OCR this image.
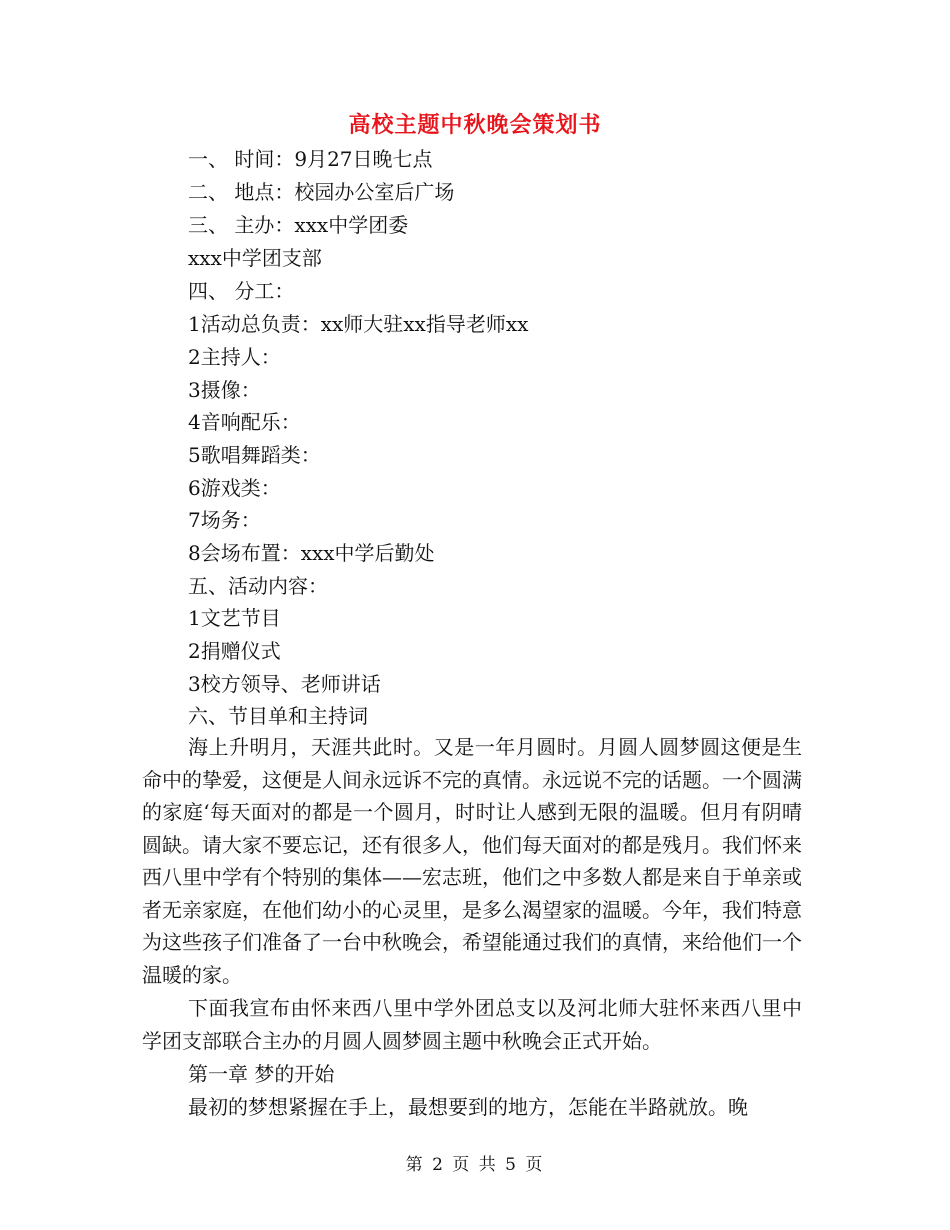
高校主题中秋晚会策划书
一、 时间：9月27日晚七点
二、 地点：校园办公室后广场
三、 主办：xxx中学团委
xxx中学团支部
四、 分工：
1活动总负责：xx师大驻xx指导老师xx
2主持人：
3摄像：
4音响配乐：
5歌唱舞蹈类：
6游戏类：
7场务：
8会场布置：xxx中学后勤处
五、活动内容：
1文艺节目
2捐赠仪式
3校方领导、老师讲话
六、节目单和主持词
海上升明月，天涯共此时。又是一年月圆时。月圆人圆梦圆这便是生命中的挚爱，这便是人间永远诉不完的真情。永远说不完的话题。一个圆满的家庭‘每天面对的都是一个圆月，时时让人感到无限的温暖。但月有阴晴圆缺。请大家不要忘记，还有很多人，他们每天面对的都是残月。我们怀来西八里中学有个特别的集体——宏志班，他们之中多数人都是来自于单亲或者无亲家庭，在他们幼小的心灵里，是多么渴望家的温暖。今年，我们特意为这些孩子们准备了一台中秋晚会，希望能通过我们的真情，来给他们一个温暖的家。
下面我宣布由怀来西八里中学外团总支以及河北师大驻怀来西八里中学团支部联合主办的月圆人圆梦圆主题中秋晚会正式开始。
第一章 梦的开始
最初的梦想紧握在手上，最想要到的地方，怎能在半路就放。晚
第 2 页 共 5 页
